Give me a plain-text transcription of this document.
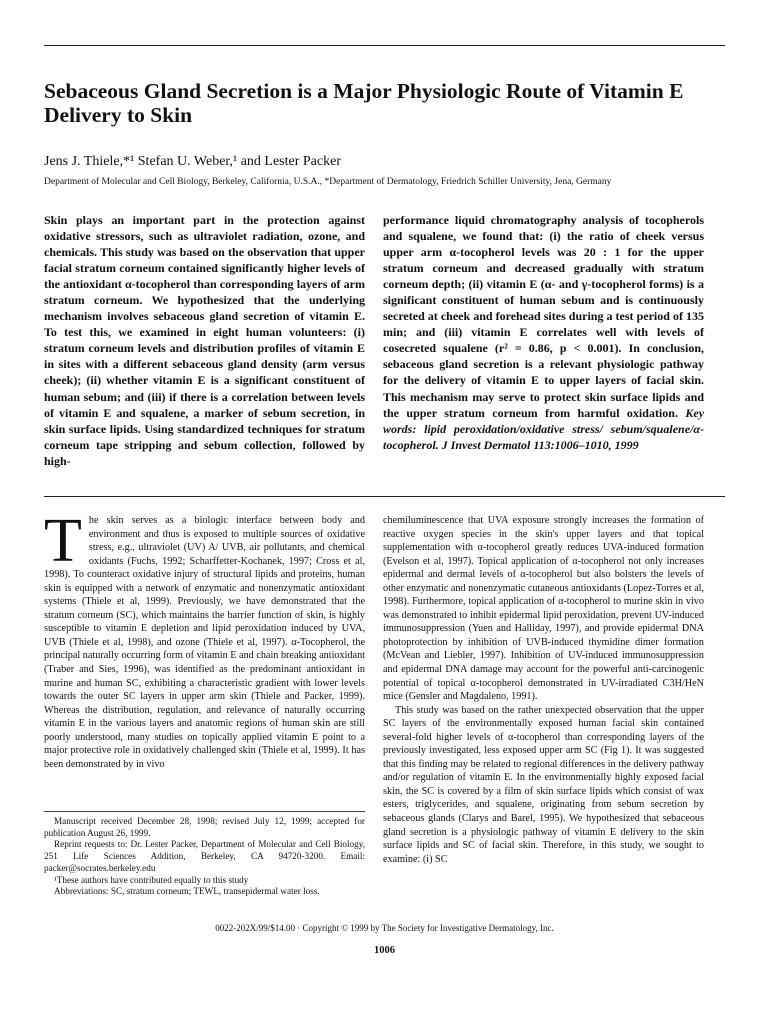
Sebaceous Gland Secretion is a Major Physiologic Route of Vitamin E Delivery to Skin
Jens J. Thiele,*¹ Stefan U. Weber,¹ and Lester Packer
Department of Molecular and Cell Biology, Berkeley, California, U.S.A., *Department of Dermatology, Friedrich Schiller University, Jena, Germany
Skin plays an important part in the protection against oxidative stressors, such as ultraviolet radiation, ozone, and chemicals. This study was based on the observation that upper facial stratum corneum contained significantly higher levels of the antioxidant α-tocopherol than corresponding layers of arm stratum corneum. We hypothesized that the underlying mechanism involves sebaceous gland secretion of vitamin E. To test this, we examined in eight human volunteers: (i) stratum corneum levels and distribution profiles of vitamin E in sites with a different sebaceous gland density (arm versus cheek); (ii) whether vitamin E is a significant constituent of human sebum; and (iii) if there is a correlation between levels of vitamin E and squalene, a marker of sebum secretion, in skin surface lipids. Using standardized techniques for stratum corneum tape stripping and sebum collection, followed by high-
performance liquid chromatography analysis of tocopherols and squalene, we found that: (i) the ratio of cheek versus upper arm α-tocopherol levels was 20 : 1 for the upper stratum corneum and decreased gradually with stratum corneum depth; (ii) vitamin E (α- and γ-tocopherol forms) is a significant constituent of human sebum and is continuously secreted at cheek and forehead sites during a test period of 135 min; and (iii) vitamin E correlates well with levels of cosecreted squalene (r² = 0.86, p < 0.001). In conclusion, sebaceous gland secretion is a relevant physiologic pathway for the delivery of vitamin E to upper layers of facial skin. This mechanism may serve to protect skin surface lipids and the upper stratum corneum from harmful oxidation. Key words: lipid peroxidation/oxidative stress/ sebum/squalene/α-tocopherol. J Invest Dermatol 113:1006–1010, 1999

The skin serves as a biologic interface between body and environment and thus is exposed to multiple sources of oxidative stress, e.g., ultraviolet (UV) A/ UVB, air pollutants, and chemical oxidants (Fuchs, 1992; Scharffetter-Kochanek, 1997; Cross et al, 1998). To counteract oxidative injury of structural lipids and proteins, human skin is equipped with a network of enzymatic and nonenzymatic antioxidant systems (Thiele et al, 1999). Previously, we have demonstrated that the stratum corneum (SC), which maintains the barrier function of skin, is highly susceptible to vitamin E depletion and lipid peroxidation induced by UVA, UVB (Thiele et al, 1998), and ozone (Thiele et al, 1997). α-Tocopherol, the principal naturally occurring form of vitamin E and chain breaking antioxidant (Traber and Sies, 1996), was identified as the predominant antioxidant in murine and human SC, exhibiting a characteristic gradient with lower levels towards the outer SC layers in upper arm skin (Thiele and Packer, 1999). Whereas the distribution, regulation, and relevance of naturally occurring vitamin E in the various layers and anatomic regions of human skin are still poorly understood, many studies on topically applied vitamin E point to a major protective role in oxidatively challenged skin (Thiele et al, 1999). It has been demonstrated by in vivo

Manuscript received December 28, 1998; revised July 12, 1999; accepted for publication August 26, 1999.

Reprint requests to: Dr. Lester Packer, Department of Molecular and Cell Biology, 251 Life Sciences Addition, Berkeley, CA 94720-3200. Email: packer@socrates.berkeley.edu

¹These authors have contributed equally to this study

Abbreviations: SC, stratum corneum; TEWL, transepidermal water loss.

chemiluminescence that UVA exposure strongly increases the formation of reactive oxygen species in the skin's upper layers and that topical supplementation with α-tocopherol greatly reduces UVA-induced formation (Evelson et al, 1997). Topical application of α-tocopherol not only increases epidermal and dermal levels of α-tocopherol but also bolsters the levels of other enzymatic and nonenzymatic cutaneous antioxidants (Lopez-Torres et al, 1998). Furthermore, topical application of α-tocopherol to murine skin in vivo was demonstrated to inhibit epidermal lipid peroxidation, prevent UV-induced immunosuppression (Yuen and Halliday, 1997), and provide epidermal DNA photoprotection by inhibition of UVB-induced thymidine dimer formation (McVean and Liebler, 1997). Inhibition of UV-induced immunosuppression and epidermal DNA damage may account for the powerful anti-carcinogenic potential of topical α-tocopherol demonstrated in UV-irradiated C3H/HeN mice (Gensler and Magdaleno, 1991).

This study was based on the rather unexpected observation that the upper SC layers of the environmentally exposed human facial skin contained several-fold higher levels of α-tocopherol than corresponding layers of the previously investigated, less exposed upper arm SC (Fig 1). It was suggested that this finding may be related to regional differences in the delivery pathway and/or regulation of vitamin E. In the environmentally highly exposed facial skin, the SC is covered by a film of skin surface lipids which consist of wax esters, triglycerides, and squalene, originating from sebum secretion by sebaceous glands (Clarys and Barel, 1995). We hypothesized that sebaceous gland secretion is a physiologic pathway of vitamin E delivery to the skin surface lipids and SC of facial skin. Therefore, in this study, we sought to examine: (i) SC

0022-202X/99/$14.00 · Copyright © 1999 by The Society for Investigative Dermatology, Inc.
1006
